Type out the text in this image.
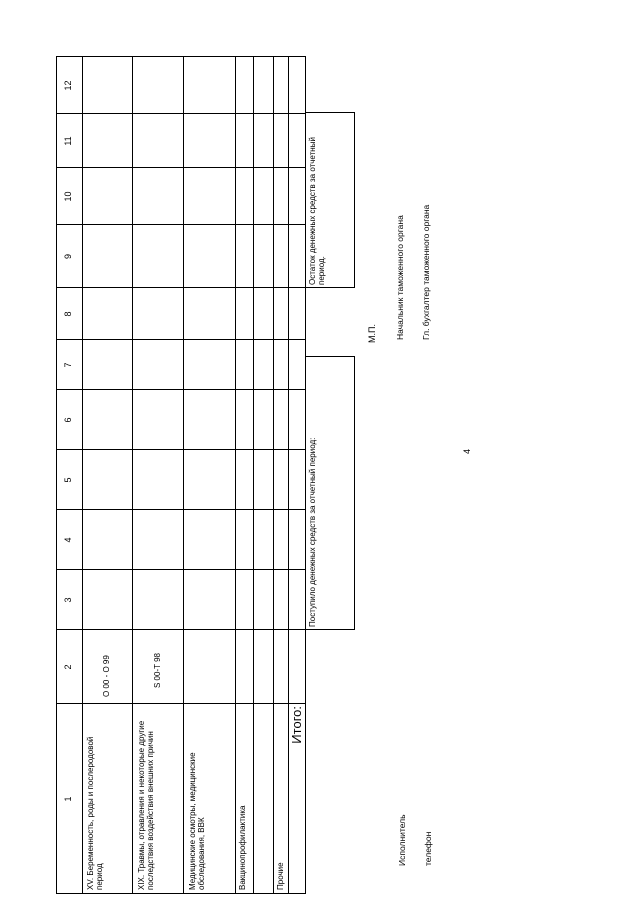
4
1
2
3
4
5
6
7
8
9
10
11
12
XV. Беременность, роды и послеродовой период
O 00 - O 99
XIX. Травмы, отравления и некоторые другие последствия воздействия внешних причин
S 00-T 98
Медицинские осмотры, медицинские обследования, ВВК	Вакцинопрофилактика	Прочие
Итого:
Поступило денежных средств за отчетный период:
Остаток денежных средств за отчетный период.
М.П.
Исполнитель телефон
Начальник таможенного органа Гл. бухгалтер таможенного органа
